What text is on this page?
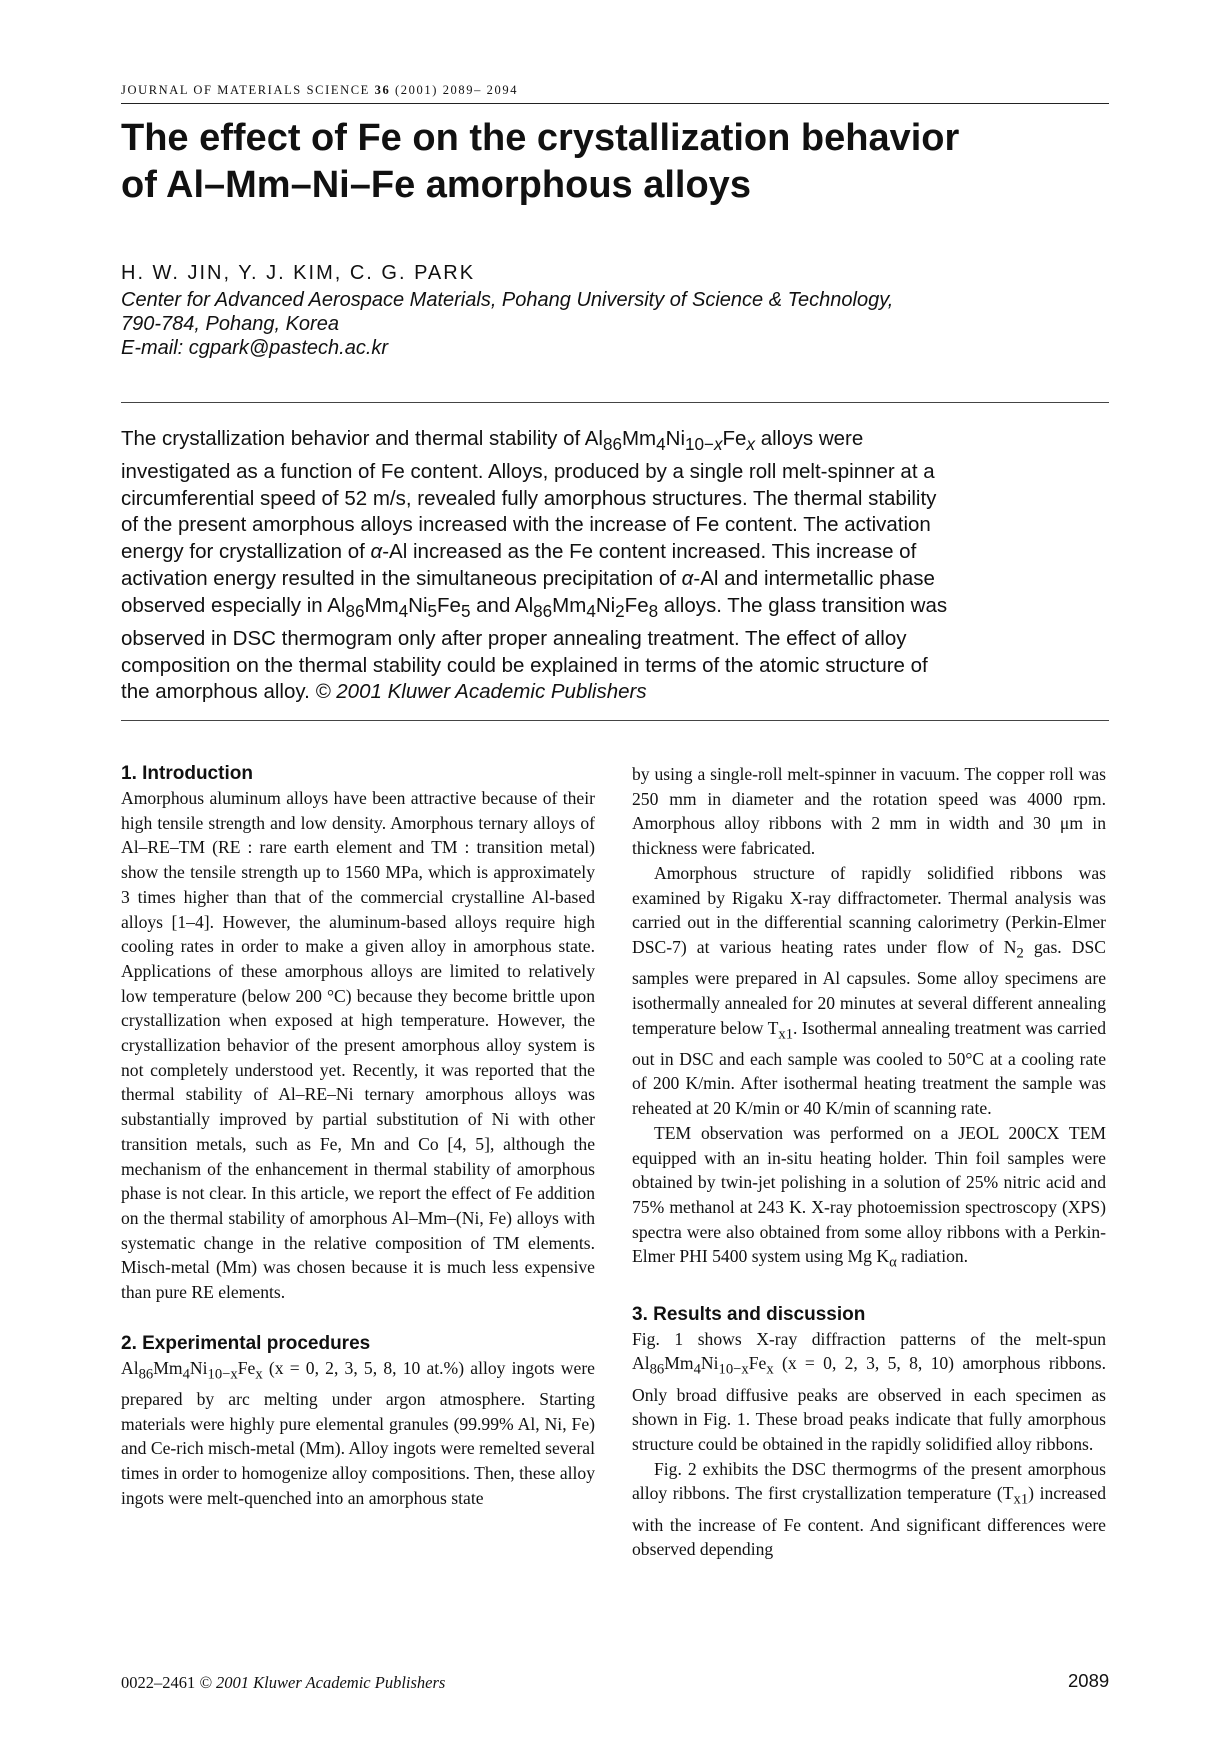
JOURNAL OF MATERIALS SCIENCE 36 (2001) 2089– 2094
The effect of Fe on the crystallization behavior
of Al–Mm–Ni–Fe amorphous alloys
H. W. JIN, Y. J. KIM, C. G. PARK
Center for Advanced Aerospace Materials, Pohang University of Science & Technology,
790-784, Pohang, Korea
E-mail: cgpark@pastech.ac.kr
The crystallization behavior and thermal stability of $Al_{86}Mm_4Ni_{10-x}Fe_x$ alloys were
investigated as a function of Fe content. Alloys, produced by a single roll melt-spinner at a
circumferential speed of 52 m/s, revealed fully amorphous structures. The thermal stability
of the present amorphous alloys increased with the increase of Fe content. The activation
energy for crystallization of α-Al increased as the Fe content increased. This increase of
activation energy resulted in the simultaneous precipitation of α-Al and intermetallic phase
observed especially in $Al_{86}Mm_4Ni_5Fe_5$ and $Al_{86}Mm_4Ni_2Fe_8$ alloys. The glass transition was
observed in DSC thermogram only after proper annealing treatment. The effect of alloy
composition on the thermal stability could be explained in terms of the atomic structure of
the amorphous alloy. © 2001 Kluwer Academic Publishers
1. Introduction

Amorphous aluminum alloys have been attractive because of their high tensile strength and low density. Amorphous ternary alloys of Al–RE–TM (RE : rare earth element and TM : transition metal) show the tensile strength up to 1560 MPa, which is approximately 3 times higher than that of the commercial crystalline Al-based alloys [1–4]. However, the aluminum-based alloys require high cooling rates in order to make a given alloy in amorphous state. Applications of these amorphous alloys are limited to relatively low temperature (below 200 °C) because they become brittle upon crystallization when exposed at high temperature. However, the crystallization behavior of the present amorphous alloy system is not completely understood yet. Recently, it was reported that the thermal stability of Al–RE–Ni ternary amorphous alloys was substantially improved by partial substitution of Ni with other transition metals, such as Fe, Mn and Co [4, 5], although the mechanism of the enhancement in thermal stability of amorphous phase is not clear. In this article, we report the effect of Fe addition on the thermal stability of amorphous Al–Mm–(Ni, Fe) alloys with systematic change in the relative composition of TM elements. Misch-metal (Mm) was chosen because it is much less expensive than pure RE elements.

2. Experimental procedures

$Al_{86}Mm_4Ni_{10-x}Fe_x$ (x = 0, 2, 3, 5, 8, 10 at.%) alloy ingots were prepared by arc melting under argon atmosphere. Starting materials were highly pure elemental granules (99.99% Al, Ni, Fe) and Ce-rich misch-metal (Mm). Alloy ingots were remelted several times in order to homogenize alloy compositions. Then, these alloy ingots were melt-quenched into an amorphous state

by using a single-roll melt-spinner in vacuum. The copper roll was 250 mm in diameter and the rotation speed was 4000 rpm. Amorphous alloy ribbons with 2 mm in width and 30 μm in thickness were fabricated.

Amorphous structure of rapidly solidified ribbons was examined by Rigaku X-ray diffractometer. Thermal analysis was carried out in the differential scanning calorimetry (Perkin-Elmer DSC-7) at various heating rates under flow of $N_2$ gas. DSC samples were prepared in Al capsules. Some alloy specimens are isothermally annealed for 20 minutes at several different annealing temperature below $T_{x1}$. Isothermal annealing treatment was carried out in DSC and each sample was cooled to 50°C at a cooling rate of 200 K/min. After isothermal heating treatment the sample was reheated at 20 K/min or 40 K/min of scanning rate.

TEM observation was performed on a JEOL 200CX TEM equipped with an in-situ heating holder. Thin foil samples were obtained by twin-jet polishing in a solution of 25% nitric acid and 75% methanol at 243 K. X-ray photoemission spectroscopy (XPS) spectra were also obtained from some alloy ribbons with a Perkin-Elmer PHI 5400 system using Mg $K_\alpha$ radiation.

3. Results and discussion

Fig. 1 shows X-ray diffraction patterns of the melt-spun $Al_{86}Mm_4Ni_{10-x}Fe_x$ (x = 0, 2, 3, 5, 8, 10) amorphous ribbons. Only broad diffusive peaks are observed in each specimen as shown in Fig. 1. These broad peaks indicate that fully amorphous structure could be obtained in the rapidly solidified alloy ribbons.

Fig. 2 exhibits the DSC thermogrms of the present amorphous alloy ribbons. The first crystallization temperature $(T_{x1})$ increased with the increase of Fe content. And significant differences were observed depending

0022–2461 © 2001 Kluwer Academic Publishers	2089
